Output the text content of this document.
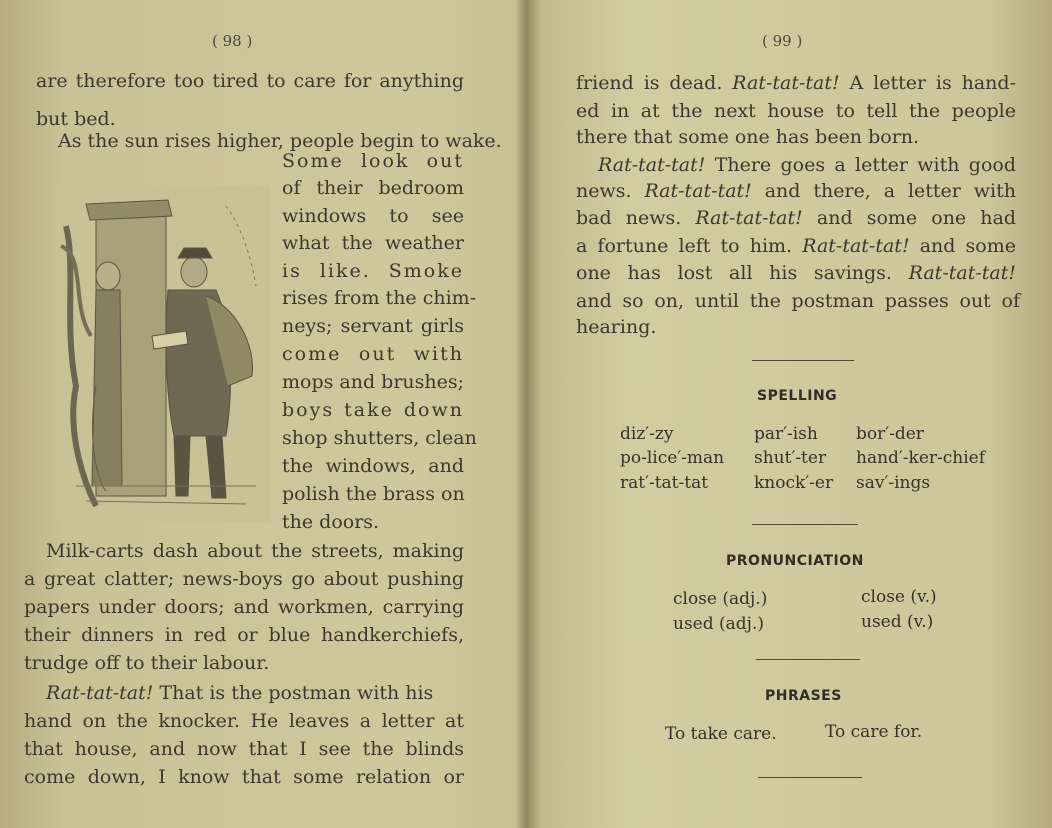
( 98 )
are therefore too tired to care for anything
but bed.
As the sun rises higher, people begin to wake.
Some look out
of their bedroom
windows to see
what the weather
is like. Smoke
rises from the chim-
neys; servant girls
come out with
mops and brushes;
boys take down
shop shutters, clean
the windows, and
polish the brass on
the doors.
Milk-carts dash about the streets, making
a great clatter; news-boys go about pushing
papers under doors; and workmen, carrying
their dinners in red or blue handkerchiefs,
trudge off to their labour.
Rat-tat-tat! That is the postman with his
hand on the knocker. He leaves a letter at
that house, and now that I see the blinds
come down, I know that some relation or
( 99 )
friend is dead. Rat-tat-tat! A letter is hand-
ed in at the next house to tell the people
there that some one has been born.
Rat-tat-tat! There goes a letter with good
news. Rat-tat-tat! and there, a letter with
bad news. Rat-tat-tat! and some one had
a fortune left to him. Rat-tat-tat! and some
one has lost all his savings. Rat-tat-tat!
and so on, until the postman passes out of
hearing.
SPELLING
diz′-zy	par′-ish bor′-der
po-lice′-man shut′-ter hand′-ker-chief
rat′-tat-tat	knock′-er sav′-ings
PRONUNCIATION
close (adj.)	close (v.)
used (adj.)	used (v.)
PHRASES
To take care.	To care for.
